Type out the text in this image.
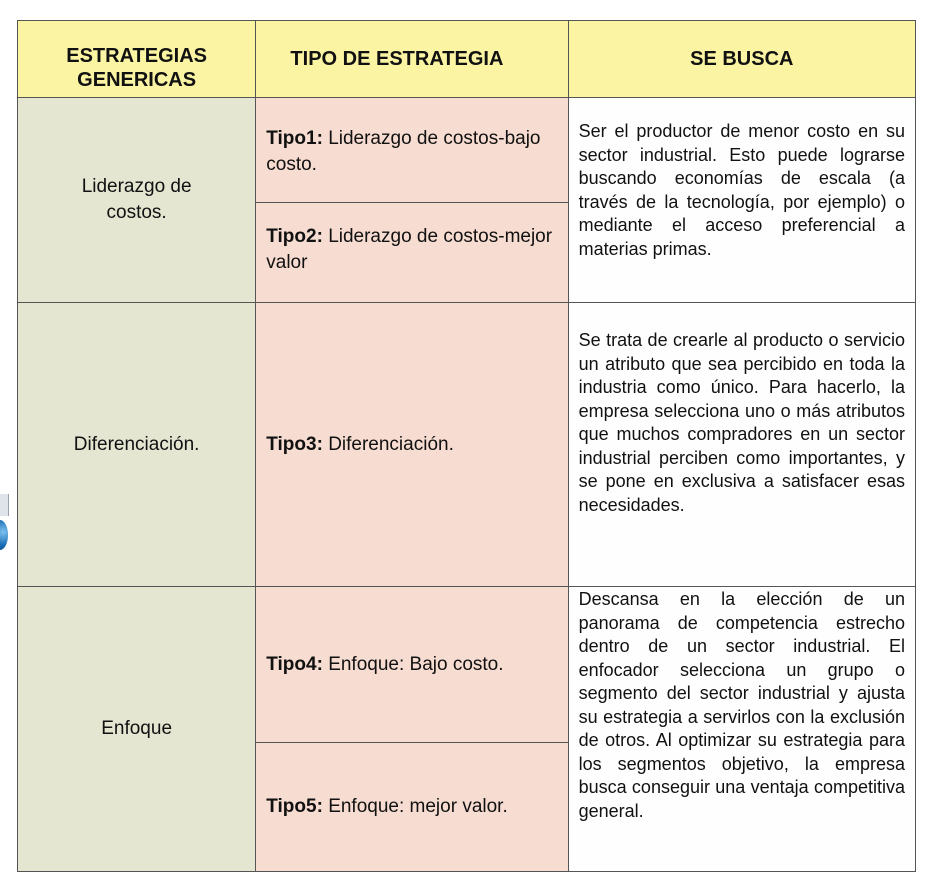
ESTRATEGIAS GENERICAS	TIPO DE ESTRATEGIA	SE BUSCA

Liderazgo de costos.	Tipo1: Liderazgo de costos-bajo costo.	Ser el productor de menor costo en su sector industrial. Esto puede lograrse buscando economías de escala (a través de la tecnología, por ejemplo) o mediante el acceso preferencial a materias primas.

	Tipo2: Liderazgo de costos-mejor valor	

Diferenciación.	Tipo3: Diferenciación.	Se trata de crearle al producto o servicio un atributo que sea percibido en toda la industria como único. Para hacerlo, la empresa selecciona uno o más atributos que muchos compradores en un sector industrial perciben como importantes, y se pone en exclusiva a satisfacer esas necesidades.

Enfoque	Tipo4: Enfoque: Bajo costo.	Descansa en la elección de un panorama de competencia estrecho dentro de un sector industrial. El enfocador selecciona un grupo o segmento del sector industrial y ajusta su estrategia a servirlos con la exclusión de otros. Al optimizar su estrategia para los segmentos objetivo, la empresa busca conseguir una ventaja competitiva general.

	Tipo5: Enfoque: mejor valor.	
